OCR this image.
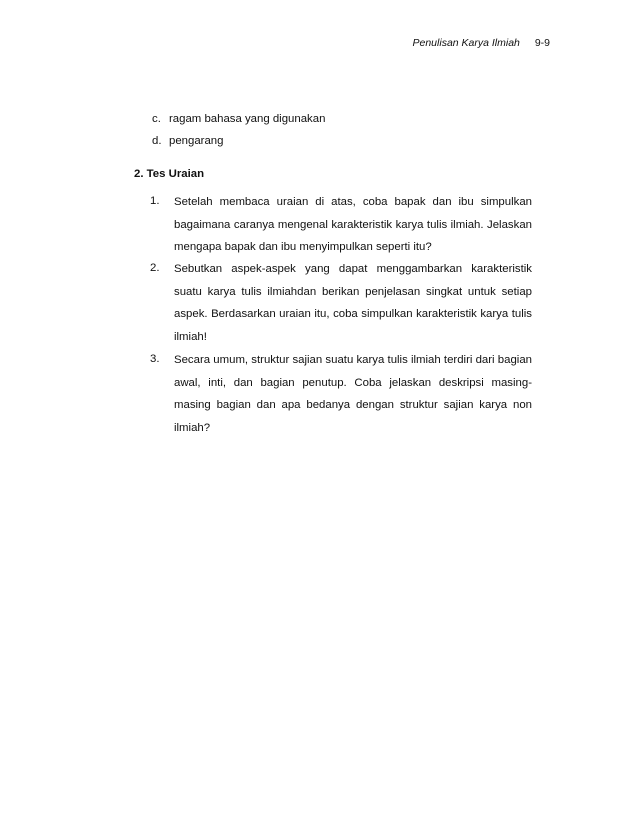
Penulisan Karya Ilmiah 9-9
c. ragam bahasa yang digunakan
d. pengarang
2. Tes Uraian
1.	Setelah membaca uraian di atas, coba bapak dan ibu simpulkan bagaimana caranya mengenal karakteristik karya tulis ilmiah. Jelaskan mengapa bapak dan ibu menyimpulkan seperti itu?
2.	Sebutkan aspek-aspek yang dapat menggambarkan karakteristik suatu karya tulis ilmiahdan berikan penjelasan singkat untuk setiap aspek. Berdasarkan uraian itu, coba simpulkan karakteristik karya tulis ilmiah!
3.	Secara umum, struktur sajian suatu karya tulis ilmiah terdiri dari bagian awal, inti, dan bagian penutup. Coba jelaskan deskripsi masing-masing bagian dan apa bedanya dengan struktur sajian karya non ilmiah?
